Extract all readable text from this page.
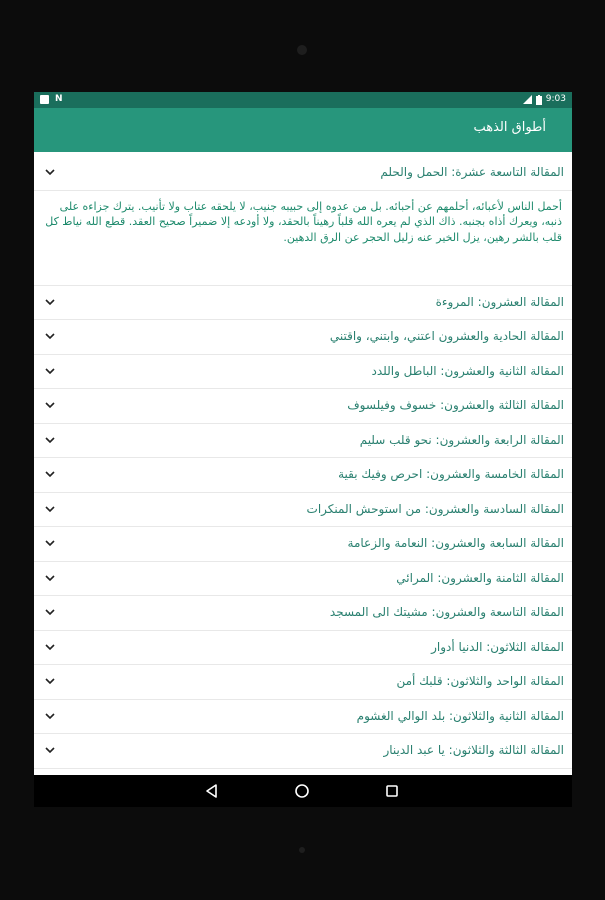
N	9:03
أطواق الذهب
المقالة التاسعة عشرة: الحمل والحلم
أحمل الناس لأعبائه، أحلمهم عن أحبائه. بل من عدوه إلى حبيبه جنيب، لا يلحقه عتاب ولا تأنيب. يترك جزاءه على ذنبه، ويعرك أذاه بجنبه. ذاك الذي لم يعره الله قلباً رهيناً بالحقد، ولا أودعه إلا ضميراً صحيح العقد. قطع الله نياط كل قلب بالشر رهين، يزل الخير عنه زليل الحجر عن الرق الدهين.
المقالة العشرون: المروءة
المقالة الحادية والعشرون اعتني، وابتني، واقتني
المقالة الثانية والعشرون: الباطل واللدد
المقالة الثالثة والعشرون: خسوف وفيلسوف
المقالة الرابعة والعشرون: نحو قلب سليم
المقالة الخامسة والعشرون: احرص وفيك بقية
المقالة السادسة والعشرون: من استوحش المنكرات
المقالة السابعة والعشرون: النعامة والزعامة
المقالة الثامنة والعشرون: المرائي
المقالة التاسعة والعشرون: مشيتك الى المسجد
المقالة الثلاثون: الدنيا أدوار
المقالة الواحد والثلاثون: قلبك أمن
المقالة الثانية والثلاثون: بلد الوالي الغشوم
المقالة الثالثة والثلاثون: يا عبد الدينار
